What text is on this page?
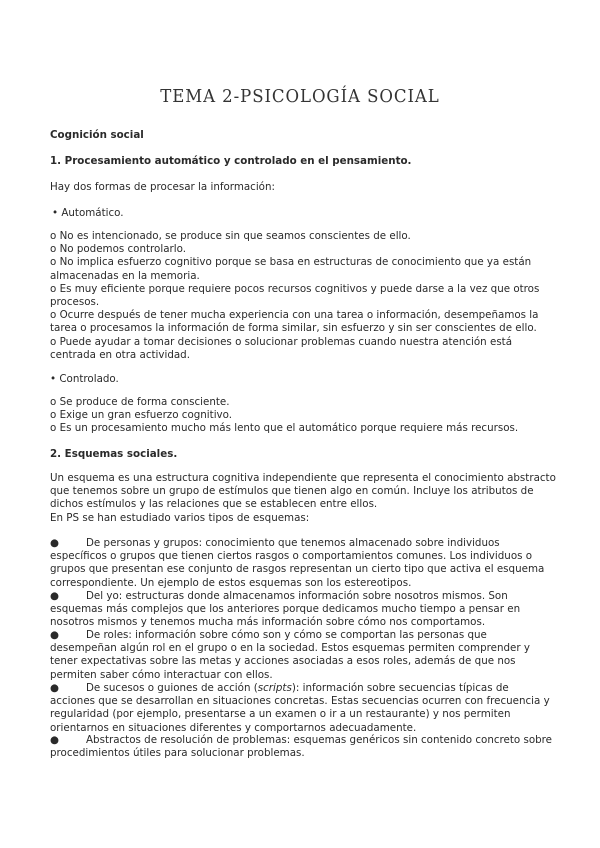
TEMA 2-PSICOLOGÍA SOCIAL
Cognición social
1. Procesamiento automático y controlado en el pensamiento.
Hay dos formas de procesar la información:
• Automático.
o No es intencionado, se produce sin que seamos conscientes de ello.
o No podemos controlarlo.
o No implica esfuerzo cognitivo porque se basa en estructuras de conocimiento que ya están almacenadas en la memoria.
o Es muy eficiente porque requiere pocos recursos cognitivos y puede darse a la vez que otros procesos.
o Ocurre después de tener mucha experiencia con una tarea o información, desempeñamos la tarea o procesamos la información de forma similar, sin esfuerzo y sin ser conscientes de ello.
o Puede ayudar a tomar decisiones o solucionar problemas cuando nuestra atención está centrada en otra actividad.
• Controlado.
o Se produce de forma consciente.
o Exige un gran esfuerzo cognitivo.
o Es un procesamiento mucho más lento que el automático porque requiere más recursos.
2. Esquemas sociales.
Un esquema es una estructura cognitiva independiente que representa el conocimiento abstracto que tenemos sobre un grupo de estímulos que tienen algo en común. Incluye los atributos de dichos estímulos y las relaciones que se establecen entre ellos.
En PS se han estudiado varios tipos de esquemas:
●	De personas y grupos: conocimiento que tenemos almacenado sobre individuos específicos o grupos que tienen ciertos rasgos o comportamientos comunes. Los individuos o grupos que presentan ese conjunto de rasgos representan un cierto tipo que activa el esquema correspondiente. Un ejemplo de estos esquemas son los estereotipos.
●	Del yo: estructuras donde almacenamos información sobre nosotros mismos. Son esquemas más complejos que los anteriores porque dedicamos mucho tiempo a pensar en nosotros mismos y tenemos mucha más información sobre cómo nos comportamos.
●	De roles: información sobre cómo son y cómo se comportan las personas que desempeñan algún rol en el grupo o en la sociedad. Estos esquemas permiten comprender y tener expectativas sobre las metas y acciones asociadas a esos roles, además de que nos permiten saber cómo interactuar con ellos.
●	De sucesos o guiones de acción (scripts): información sobre secuencias típicas de acciones que se desarrollan en situaciones concretas. Estas secuencias ocurren con frecuencia y regularidad (por ejemplo, presentarse a un examen o ir a un restaurante) y nos permiten orientarnos en situaciones diferentes y comportarnos adecuadamente.
●	Abstractos de resolución de problemas: esquemas genéricos sin contenido concreto sobre procedimientos útiles para solucionar problemas.
